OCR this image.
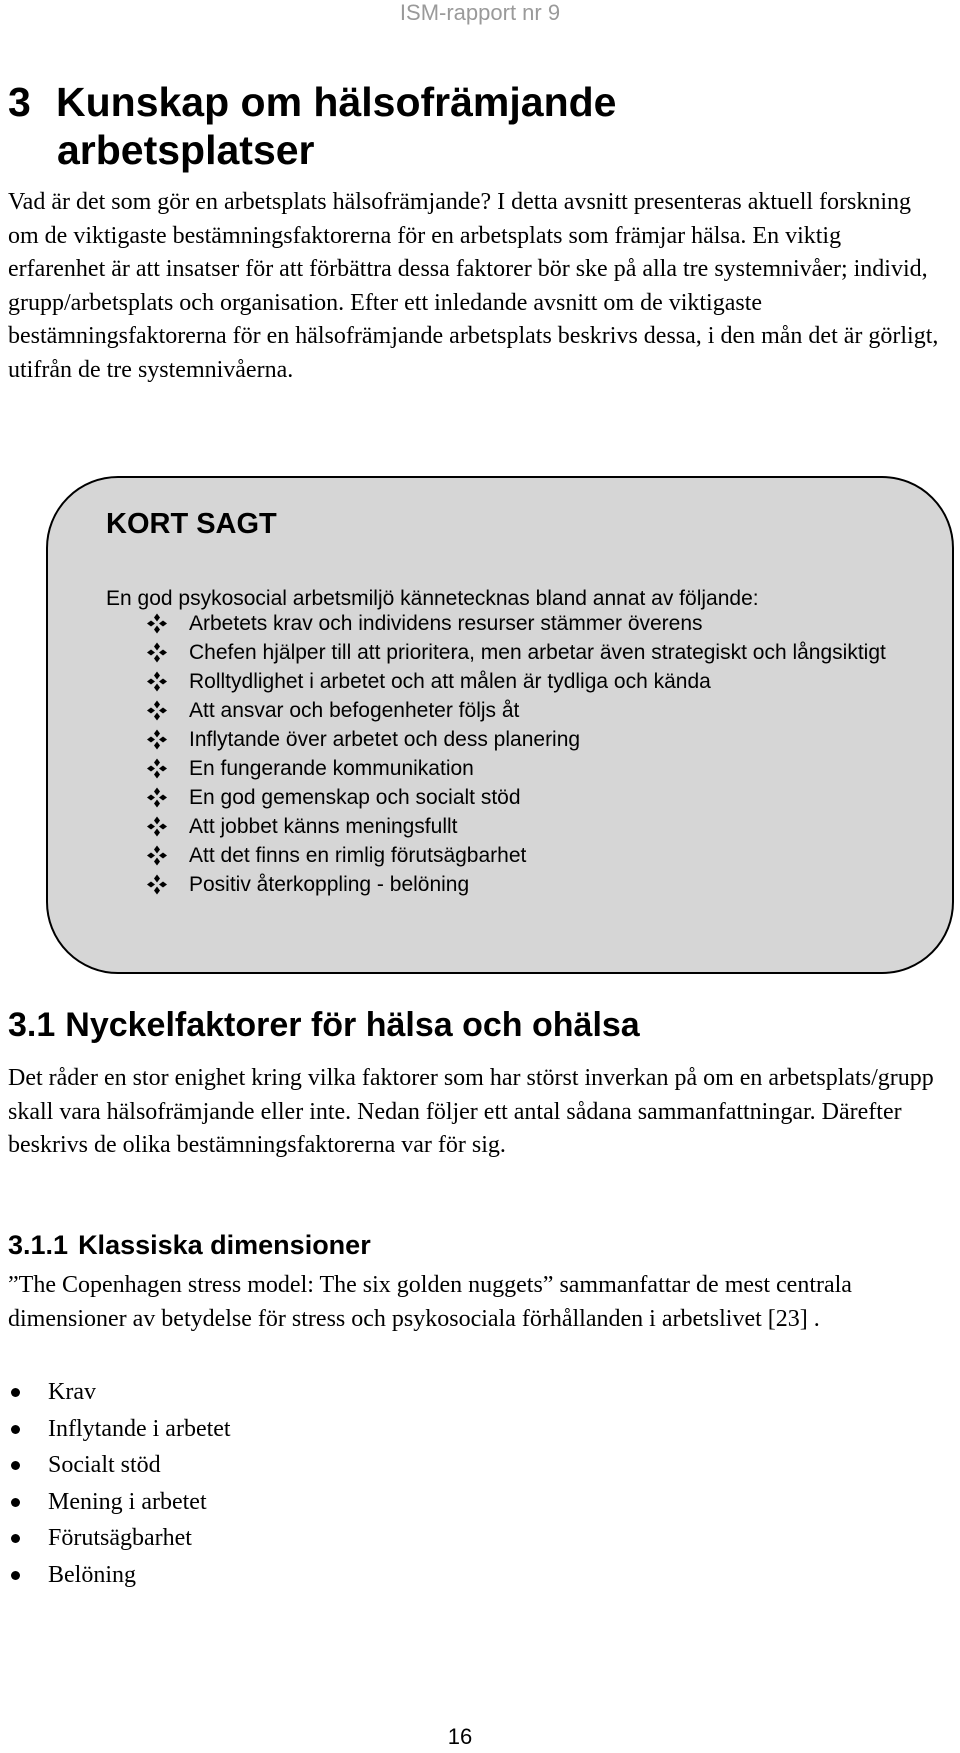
ISM-rapport nr 9
3 Kunskap om hälsofrämjande
arbetsplatser

Vad är det som gör en arbetsplats hälsofrämjande? I detta avsnitt presenteras aktuell forskning om de viktigaste bestämningsfaktorerna för en arbetsplats som främjar hälsa. En viktig erfarenhet är att insatser för att förbättra dessa faktorer bör ske på alla tre systemnivåer; individ, grupp/arbetsplats och organisation. Efter ett inledande avsnitt om de viktigaste bestämningsfaktorerna för en hälsofrämjande arbetsplats beskrivs dessa, i den mån det är görligt, utifrån de tre systemnivåerna.

KORT SAGT

En god psykosocial arbetsmiljö kännetecknas bland annat av följande:

Arbetets krav och individens resurser stämmer överens
Chefen hjälper till att prioritera, men arbetar även strategiskt och långsiktigt
Rolltydlighet i arbetet och att målen är tydliga och kända
Att ansvar och befogenheter följs åt
Inflytande över arbetet och dess planering
En fungerande kommunikation
En god gemenskap och socialt stöd
Att jobbet känns meningsfullt
Att det finns en rimlig förutsägbarhet
Positiv återkoppling - belöning
3.1 Nyckelfaktorer för hälsa och ohälsa

Det råder en stor enighet kring vilka faktorer som har störst inverkan på om en arbetsplats/grupp skall vara hälsofrämjande eller inte. Nedan följer ett antal sådana sammanfattningar. Därefter beskrivs de olika bestämningsfaktorerna var för sig.

3.1.1 Klassiska dimensioner

”The Copenhagen stress model: The six golden nuggets” sammanfattar de mest centrala dimensioner av betydelse för stress och psykosociala förhållanden i arbetslivet [23] .

Krav
Inflytande i arbetet
Socialt stöd
Mening i arbetet
Förutsägbarhet
Belöning
16
